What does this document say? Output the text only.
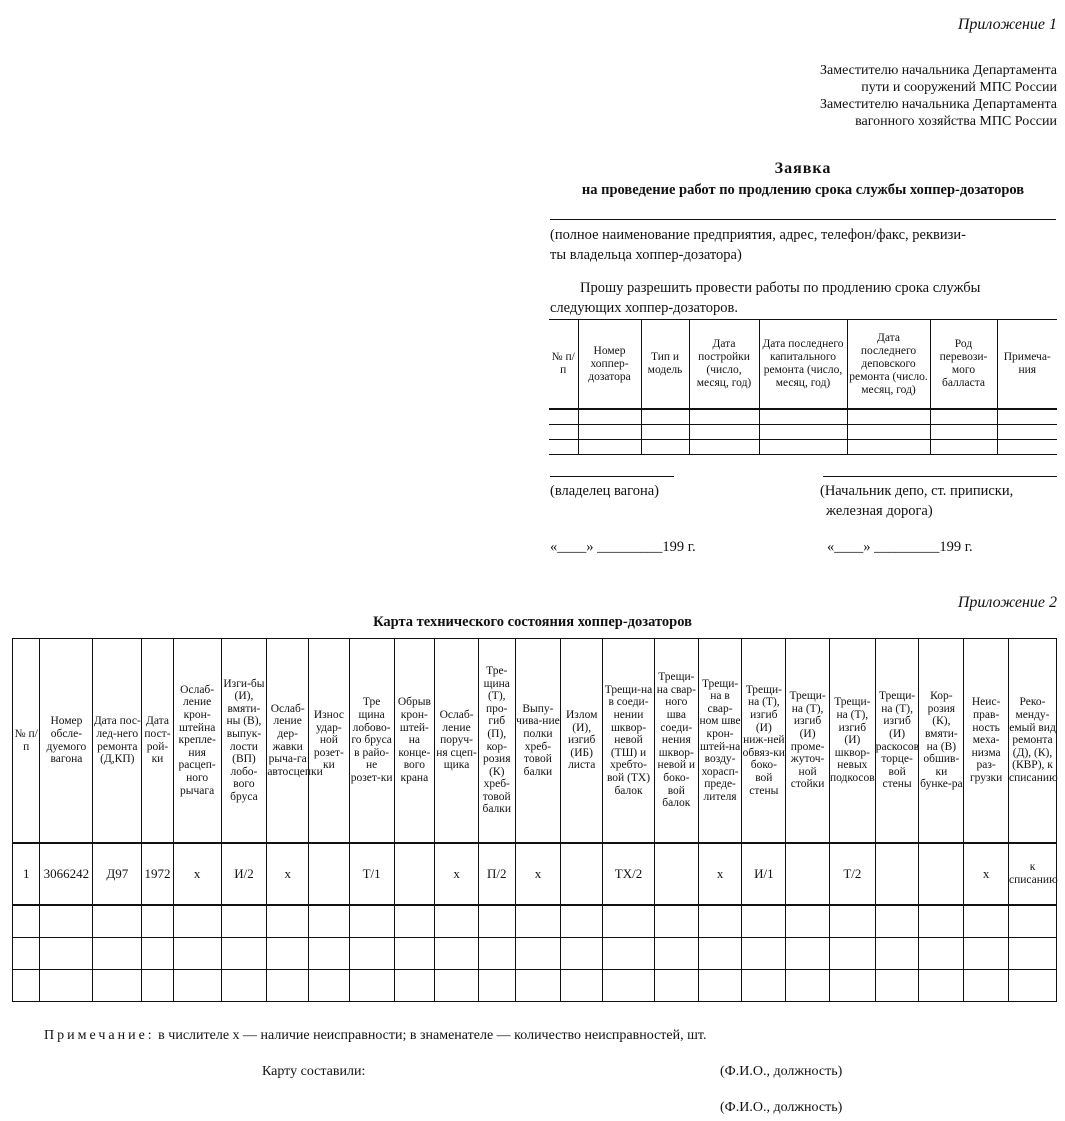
Приложение 1
Заместителю начальника Департамента
пути и сооружений МПС России
Заместителю начальника Департамента
вагонного хозяйства МПС России
Заявка
на проведение работ по продлению срока службы хоппер-дозаторов
(полное наименование предприятия, адрес, телефон/факс, реквизи-
ты владельца хоппер-дозатора)
Прошу разрешить провести работы по продлению срока службы
следующих хоппер-дозаторов.
№ п/п	Номер хоппер-дозатора	Тип и модель	Дата постройки (число, месяц, год)	Дата последнего капитального ремонта (число, месяц, год)	Дата последнего деповского ремонта (число. месяц, год)	Род перевози-мого балласта	Примеча-ния

(владелец вагона)	(Начальник депо, ст. приписки,
железная дорога)
«____» _________199 г.	«____» _________199 г.
Приложение 2
Карта технического состояния хоппер-дозаторов
№ п/п	Номер обсле-дуемого вагона	Дата пос-лед-него ремонта (Д,КП)	Дата пост-рой-ки	Ослаб-ление крон-штейна крепле-ния расцеп-ного рычага	Изги-бы (И), вмяти-ны (В), выпук-лости (ВП) лобо-вого бруса	Ослаб-ление дер-жавки рыча-га автосцепки	Износ удар-ной розет-ки	Тре щина лобово-го бруса в райо-не розет-ки	Обрыв крон-штей-на конце-вого крана	Ослаб-ление поруч-ня сцеп-щика	Тре-щина (Т), про-гиб (П), кор-розия (К) хреб-товой балки	Выпу-чива-ние полки хреб-товой балки	Излом (И), изгиб (ИБ) листа	Трещи-на в соеди-нении шквор-невой (ТШ) и хребто-вой (ТХ) балок	Трещи-на свар-ного шва соеди-нения шквор-невой и боко-вой балок	Трещи-на в свар-ном шве крон-штей-на возду-хорасп-преде-лителя	Трещи-на (Т), изгиб (И) ниж-ней обвяз-ки боко-вой стены	Трещи-на (Т), изгиб (И) проме-жуточ-ной стойки	Трещи-на (Т), изгиб (И) шквор-невых подкосов	Трещи-на (Т), изгиб (И) раскосов торце-вой стены	Кор-розия (К), вмяти-на (В) обшив-ки бунке-ра	Неис-прав-ность меха-низма раз-грузки	Реко-менду-емый вид ремонта (Д), (К), (КВР), к списанию
1	3066242	Д97	1972	х	И/2	х		Т/1		х	П/2	х		ТХ/2		х	И/1		Т/2			х	к списанию

Примечание: в числителе х — наличие неисправности; в знаменателе — количество неисправностей, шт.
Карту составили:	(Ф.И.О., должность)
(Ф.И.О., должность)
